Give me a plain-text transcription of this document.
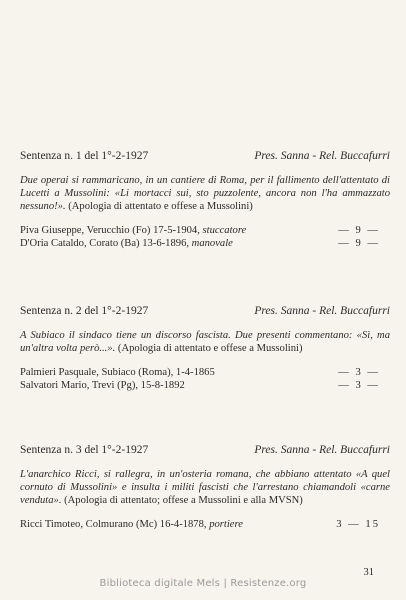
Sentenza n. 1 del 1°-2-1927	Pres. Sanna - Rel. Buccafurri
Due operai si rammaricano, in un cantiere di Roma, per il fallimento dell'attentato di Lucetti a Mussolini: «Li mortacci sui, sto puzzolente, ancora non l'ha ammazzato nessuno!». (Apologia di attentato e offese a Mussolini)
Piva Giuseppe, Verucchio (Fo) 17-5-1904, stuccatore	— 9 —
D'Oria Cataldo, Corato (Ba) 13-6-1896, manovale	— 9 —
Sentenza n. 2 del 1°-2-1927	Pres. Sanna - Rel. Buccafurri
A Subiaco il sindaco tiene un discorso fascista. Due presenti commentano: «Sì, ma un'altra volta però...». (Apologia di attentato e offese a Mussolini)
Palmieri Pasquale, Subiaco (Roma), 1-4-1865	— 3 —
Salvatori Mario, Trevi (Pg), 15-8-1892	— 3 —
Sentenza n. 3 del 1°-2-1927	Pres. Sanna - Rel. Buccafurri
L'anarchico Ricci, si rallegra, in un'osteria romana, che abbiano attentato «A quel cornuto di Mussolini» e insulta i militi fascisti che l'arrestano chiamandoli «carne venduta». (Apologia di attentato; offese a Mussolini e alla MVSN)
Ricci Timoteo, Colmurano (Mc) 16-4-1878, portiere	3 — 15
31
Biblioteca digitale Mels | Resistenze.org
